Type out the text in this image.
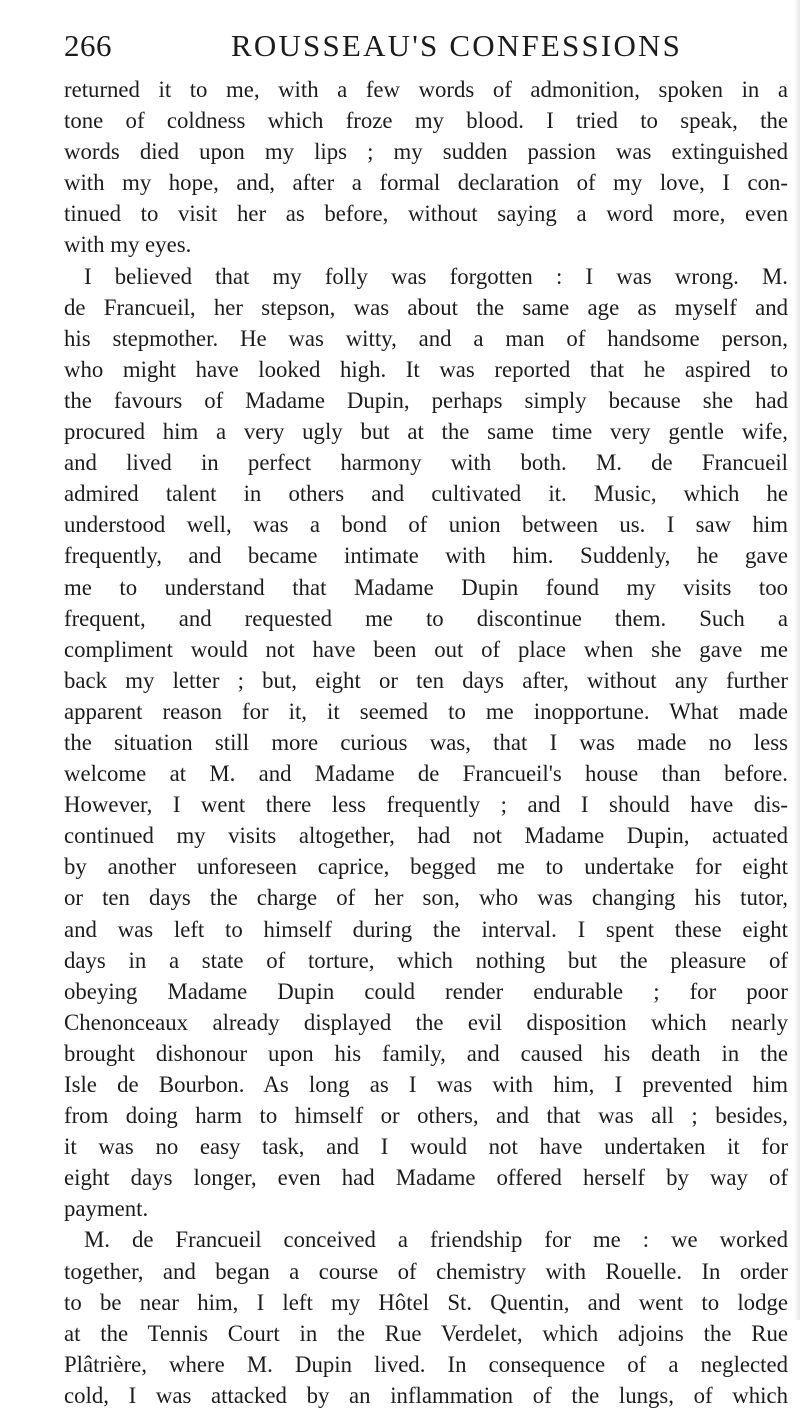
266	ROUSSEAU'S CONFESSIONS
returned it to me, with a few words of admonition, spoken in a
tone of coldness which froze my blood. I tried to speak, the
words died upon my lips ; my sudden passion was extinguished
with my hope, and, after a formal declaration of my love, I con-
tinued to visit her as before, without saying a word more, even
with my eyes.
I believed that my folly was forgotten : I was wrong. M.
de Francueil, her stepson, was about the same age as myself and
his stepmother. He was witty, and a man of handsome person,
who might have looked high. It was reported that he aspired to
the favours of Madame Dupin, perhaps simply because she had
procured him a very ugly but at the same time very gentle wife,
and lived in perfect harmony with both. M. de Francueil
admired talent in others and cultivated it. Music, which he
understood well, was a bond of union between us. I saw him
frequently, and became intimate with him. Suddenly, he gave
me to understand that Madame Dupin found my visits too
frequent, and requested me to discontinue them. Such a
compliment would not have been out of place when she gave me
back my letter ; but, eight or ten days after, without any further
apparent reason for it, it seemed to me inopportune. What made
the situation still more curious was, that I was made no less
welcome at M. and Madame de Francueil's house than before.
However, I went there less frequently ; and I should have dis-
continued my visits altogether, had not Madame Dupin, actuated
by another unforeseen caprice, begged me to undertake for eight
or ten days the charge of her son, who was changing his tutor,
and was left to himself during the interval. I spent these eight
days in a state of torture, which nothing but the pleasure of
obeying Madame Dupin could render endurable ; for poor
Chenonceaux already displayed the evil disposition which nearly
brought dishonour upon his family, and caused his death in the
Isle de Bourbon. As long as I was with him, I prevented him
from doing harm to himself or others, and that was all ; besides,
it was no easy task, and I would not have undertaken it for
eight days longer, even had Madame offered herself by way of
payment.
M. de Francueil conceived a friendship for me : we worked
together, and began a course of chemistry with Rouelle. In order
to be near him, I left my Hôtel St. Quentin, and went to lodge
at the Tennis Court in the Rue Verdelet, which adjoins the Rue
Plâtrière, where M. Dupin lived. In consequence of a neglected
cold, I was attacked by an inflammation of the lungs, of which
